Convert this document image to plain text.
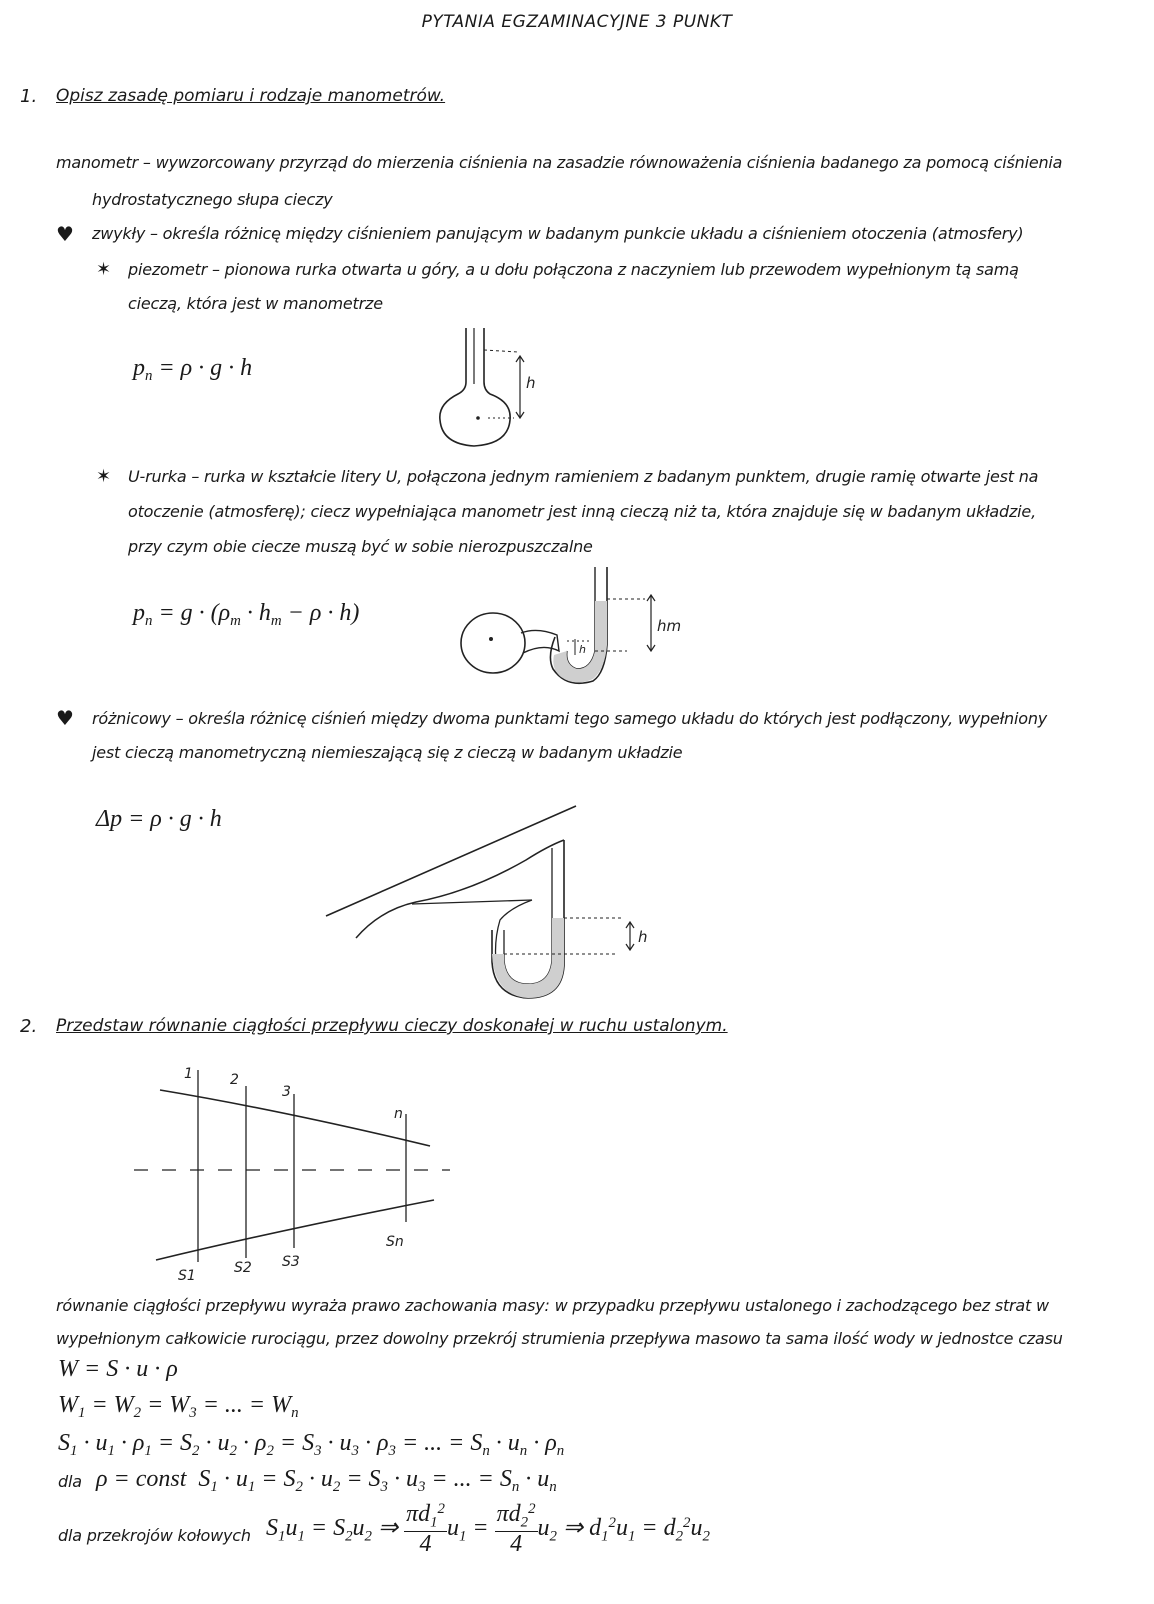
PYTANIA EGZAMINACYJNE 3 PUNKT
1. Opisz zasadę pomiaru i rodzaje manometrów.
manometr – wywzorcowany przyrząd do mierzenia ciśnienia na zasadzie równoważenia ciśnienia badanego za pomocą ciśnienia
hydrostatycznego słupa cieczy
♥ zwykły – określa różnicę między ciśnieniem panującym w badanym punkcie układu a ciśnieniem otoczenia (atmosfery)
✶ piezometr – pionowa rurka otwarta u góry, a u dołu połączona z naczyniem lub przewodem wypełnionym tą samą
cieczą, która jest w manometrze
$p_n = \rho \cdot g \cdot h$
h
✶ U-rurka – rurka w kształcie litery U, połączona jednym ramieniem z badanym punktem, drugie ramię otwarte jest na
otoczenie (atmosferę); ciecz wypełniająca manometr jest inną cieczą niż ta, która znajduje się w badanym układzie,
przy czym obie ciecze muszą być w sobie nierozpuszczalne
$p_n = g \cdot (\rho_m \cdot h_m - \rho \cdot h)$
h
hm
♥ różnicowy – określa różnicę ciśnień między dwoma punktami tego samego układu do których jest podłączony, wypełniony
jest cieczą manometryczną niemieszającą się z cieczą w badanym układzie
Δp = ρ · g · h
h
2. Przedstaw równanie ciągłości przepływu cieczy doskonałej w ruchu ustalonym.
1	2
3
n
S1	S2 S3
Sn
równanie ciągłości przepływu wyraża prawo zachowania masy: w przypadku przepływu ustalonego i zachodzącego bez strat w
wypełnionym całkowicie rurociągu, przez dowolny przekrój strumienia przepływa masowo ta sama ilość wody w jednostce czasu
W = S · u · ρ
$W_1 = W_2 = W_3$ = ... = $W_n$
$S_1 \cdot u_1 \cdot \rho_1 = S_2 \cdot u_2 \cdot \rho_2 = S_3 \cdot u_3 \cdot \rho_3$ = ... = $S_n \cdot u_n \cdot \rho_n$
dla ρ = const  $S_1 \cdot u_1 = S_2 \cdot u_2 = S_3 \cdot u_3$ = ... = $S_n \cdot u_n$
dla przekrojów kołowych $S_1u_1 = S_2u_2$ ⇒ $\frac{\pi d_1^2}{4} u_1 = \frac{\pi d_2^2}{4} u_2$ ⇒ $d_1^2u_1 = d_2^2u_2$
